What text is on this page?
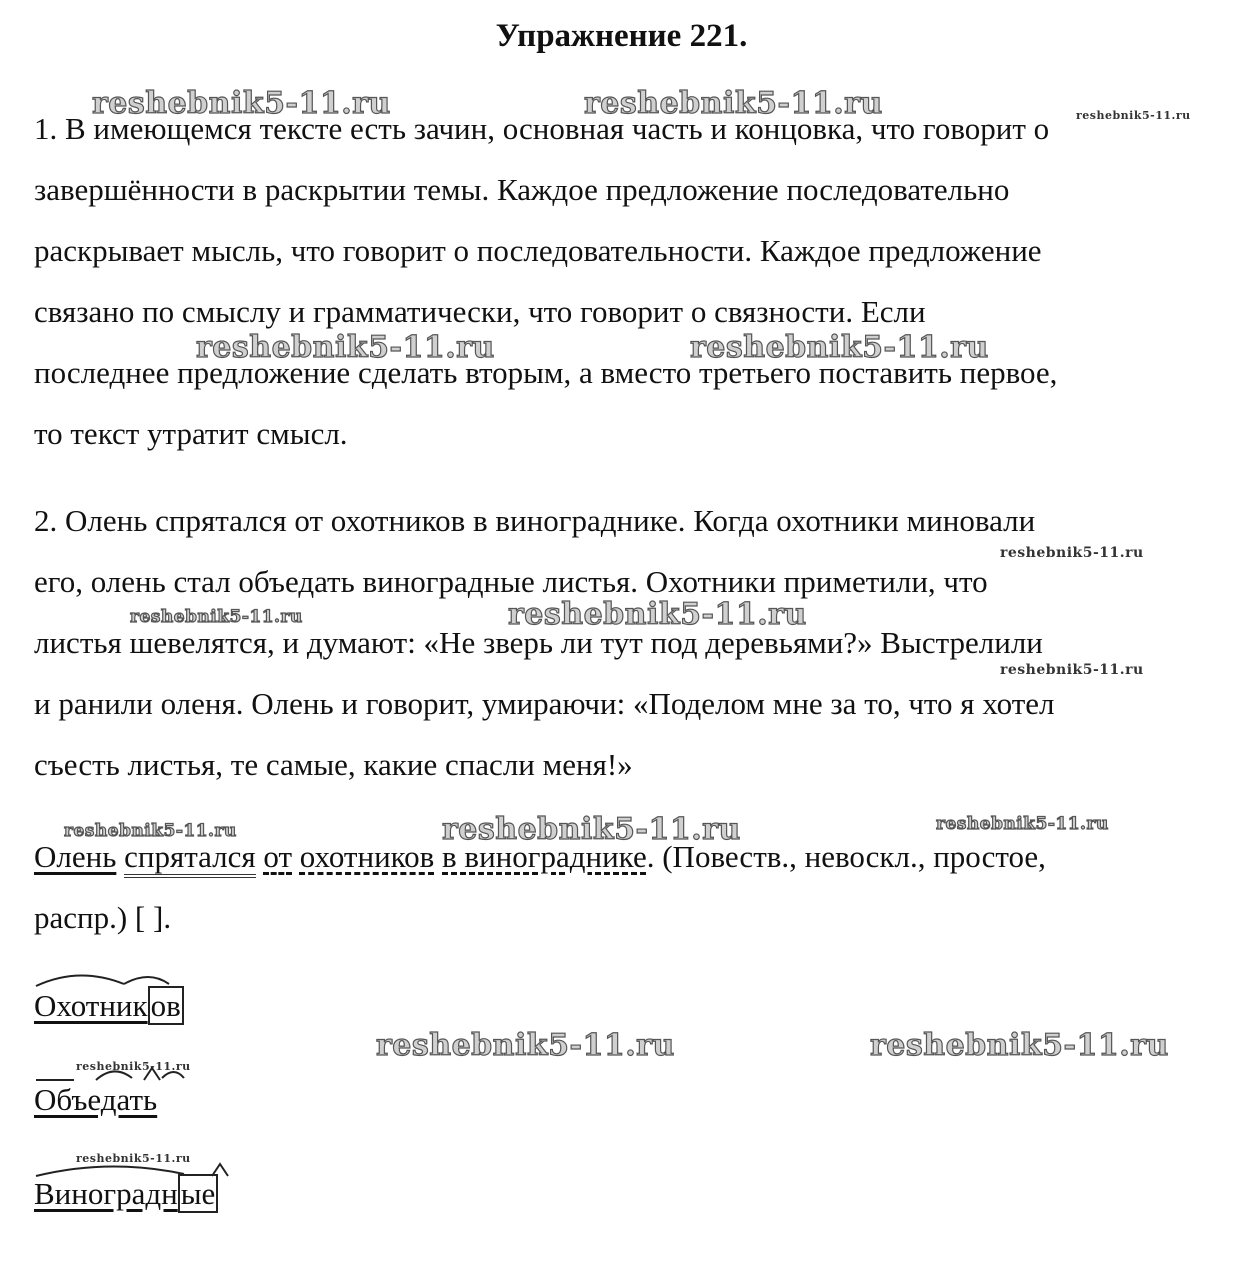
Упражнение 221.
1. В имеющемся тексте есть зачин, основная часть и концовка, что говорит о
завершённости в раскрытии темы. Каждое предложение последовательно
раскрывает мысль, что говорит о последовательности. Каждое предложение
связано по смыслу и грамматически, что говорит о связности. Если
последнее предложение сделать вторым, а вместо третьего поставить первое,
то текст утратит смысл.
2. Олень спрятался от охотников в винограднике. Когда охотники миновали
его, олень стал объедать виноградные листья. Охотники приметили, что
листья шевелятся, и думают: «Не зверь ли тут под деревьями?» Выстрелили
и ранили оленя. Олень и говорит, умираючи: «Поделом мне за то, что я хотел
съесть листья, те самые, какие спасли меня!»
Олень спрятался от охотников в винограднике. (Повеств., невоскл., простое,
распр.) [ ].
Охотников
Объедать
Виноградные
reshebnik5-11.ru	reshebnik5-11.ru	reshebnik5-11.ru
reshebnik5-11.ru	reshebnik5-11.ru
reshebnik5-11.ru
reshebnik5-11.ru	reshebnik5-11.ru
reshebnik5-11.ru
reshebnik5-11.ru	reshebnik5-11.ru	reshebnik5-11.ru
reshebnik5-11.ru	reshebnik5-11.ru
reshebnik5-11.ru
reshebnik5-11.ru
